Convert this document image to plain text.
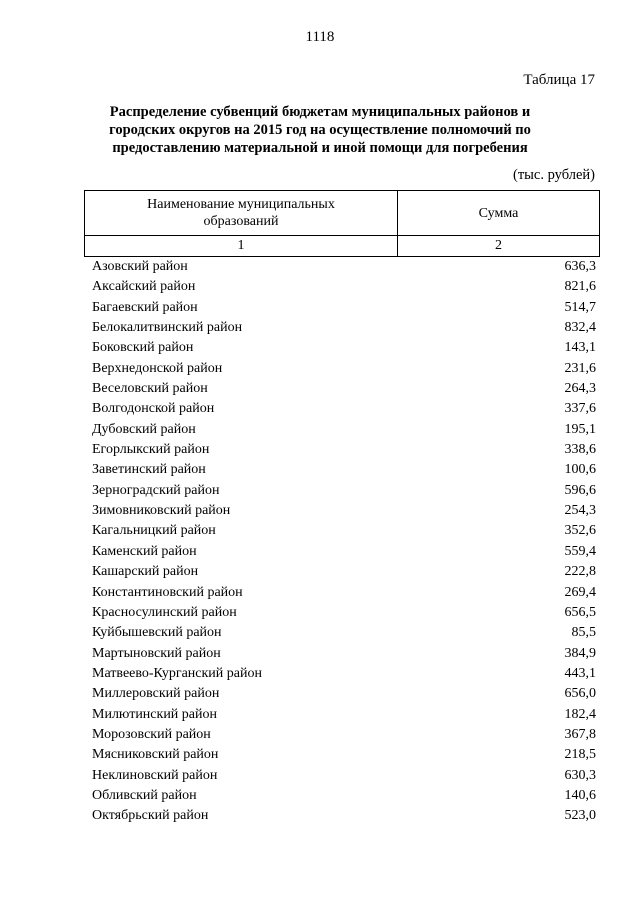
1118
Таблица 17
Распределение субвенций бюджетам муниципальных районов и
городских округов на 2015 год на осуществление полномочий по
предоставлению материальной и иной помощи для погребения
(тыс. рублей)
Наименование муниципальных
образований	Сумма
1	2
Азовский район	636,3
Аксайский район	821,6
Багаевский район	514,7
Белокалитвинский район	832,4
Боковский район	143,1
Верхнедонской район	231,6
Веселовский район	264,3
Волгодонской район	337,6
Дубовский район	195,1
Егорлыкский район	338,6
Заветинский район	100,6
Зерноградский район	596,6
Зимовниковский район	254,3
Кагальницкий район	352,6
Каменский район	559,4
Кашарский район	222,8
Константиновский район	269,4
Красносулинский район	656,5
Куйбышевский район	85,5
Мартыновский район	384,9
Матвеево-Курганский район	443,1
Миллеровский район	656,0
Милютинский район	182,4
Морозовский район	367,8
Мясниковский район	218,5
Неклиновский район	630,3
Обливский район	140,6
Октябрьский район	523,0
